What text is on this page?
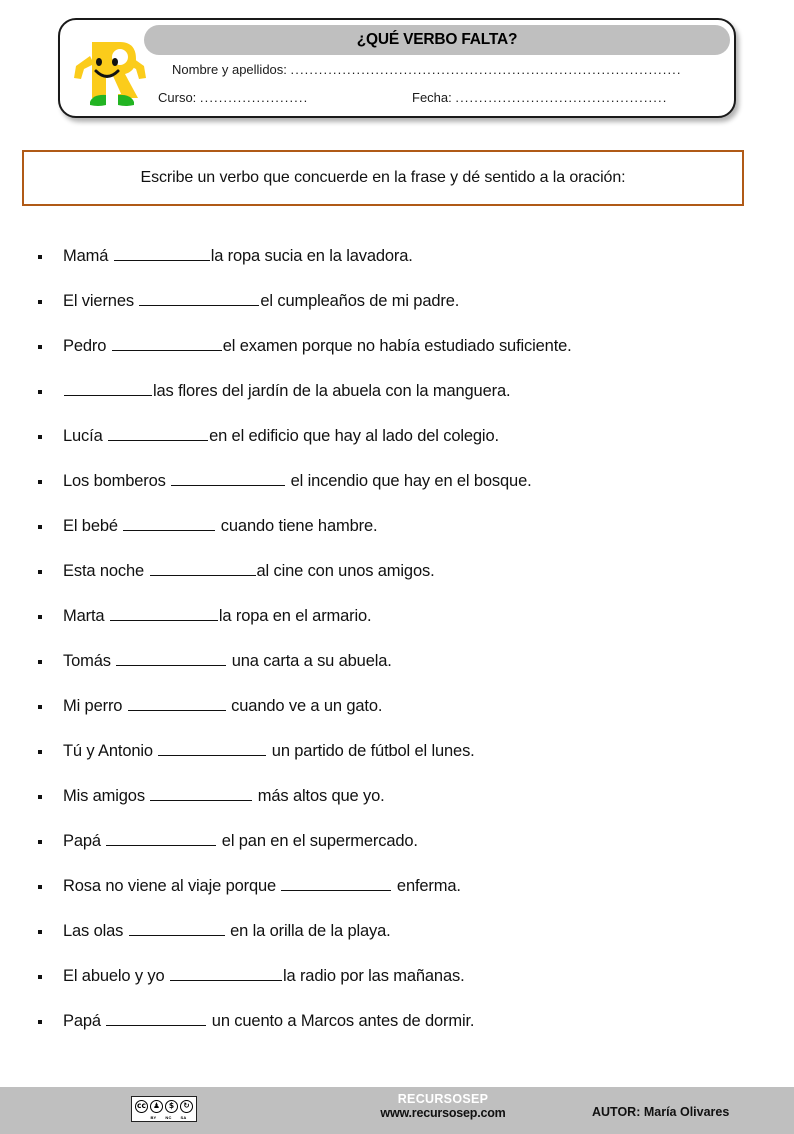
¿QUÉ VERBO FALTA?
Nombre y apellidos: ...................................................................................
Curso: .......................	Fecha: .............................................
Escribe un verbo que concuerde en la frase y dé sentido a la oración:
Mamá	la ropa sucia en la lavadora.
El viernes	el cumpleaños de mi padre.
Pedro	el examen porque no había estudiado suficiente.
las flores del jardín de la abuela con la manguera.
Lucía	en el edificio que hay al lado del colegio.
Los bomberos	el incendio que hay en el bosque.
El bebé	cuando tiene hambre.
Esta noche	al cine con unos amigos.
Marta	la ropa en el armario.
Tomás	una carta a su abuela.
Mi perro	cuando ve a un gato.
Tú y Antonio	un partido de fútbol el lunes.
Mis amigos	más altos que yo.
Papá	el pan en el supermercado.
Rosa no viene al viaje porque	enferma.
Las olas	en la orilla de la playa.
El abuelo y yo	la radio por las mañanas.
Papá	un cuento a Marcos antes de dormir.
cc ♟	$	↻
BY NC SA
RECURSOSEP
www.recursosep.com	AUTOR: María Olivares
